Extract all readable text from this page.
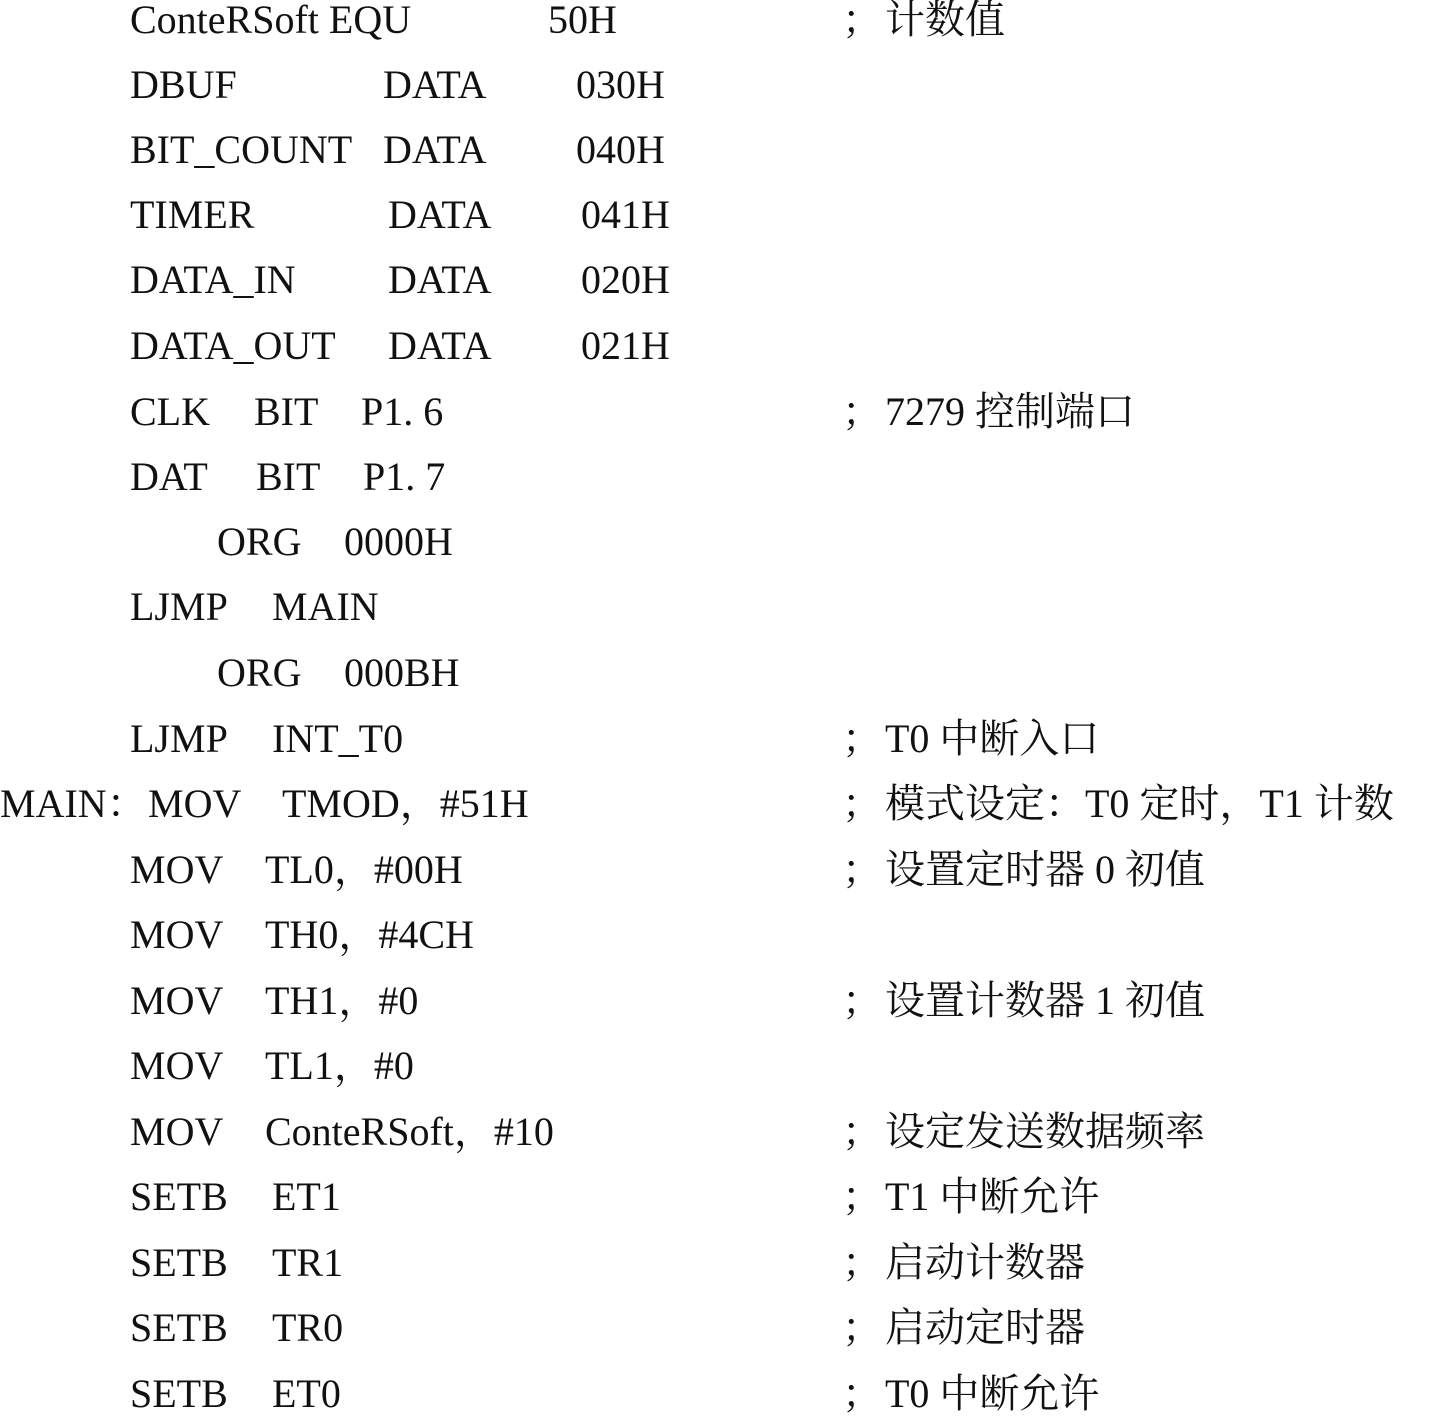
ConteRSoft EQU	50H	； 计数值
DBUF	DATA 030H
BIT_COUNT DATA 040H
TIMER	DATA 041H
DATA_IN DATA 020H
DATA_OUT DATA 021H
CLK BIT P1. 6	； 7279 控制端口
DAT BIT P1. 7
ORG 0000H
LJMP MAIN
ORG 000BH
LJMP INT_T0	； T0 中断入口
MAIN： MOV TMOD，#51H	； 模式设定：T0 定时，T1 计数
MOV TL0，#00H	； 设置定时器 0 初值
MOV TH0，#4CH
MOV TH1，#0	； 设置计数器 1 初值
MOV TL1，#0
MOV ConteRSoft，#10	； 设定发送数据频率
SETB ET1	； T1 中断允许
SETB TR1	； 启动计数器
SETB TR0	； 启动定时器
SETB ET0	； T0 中断允许
